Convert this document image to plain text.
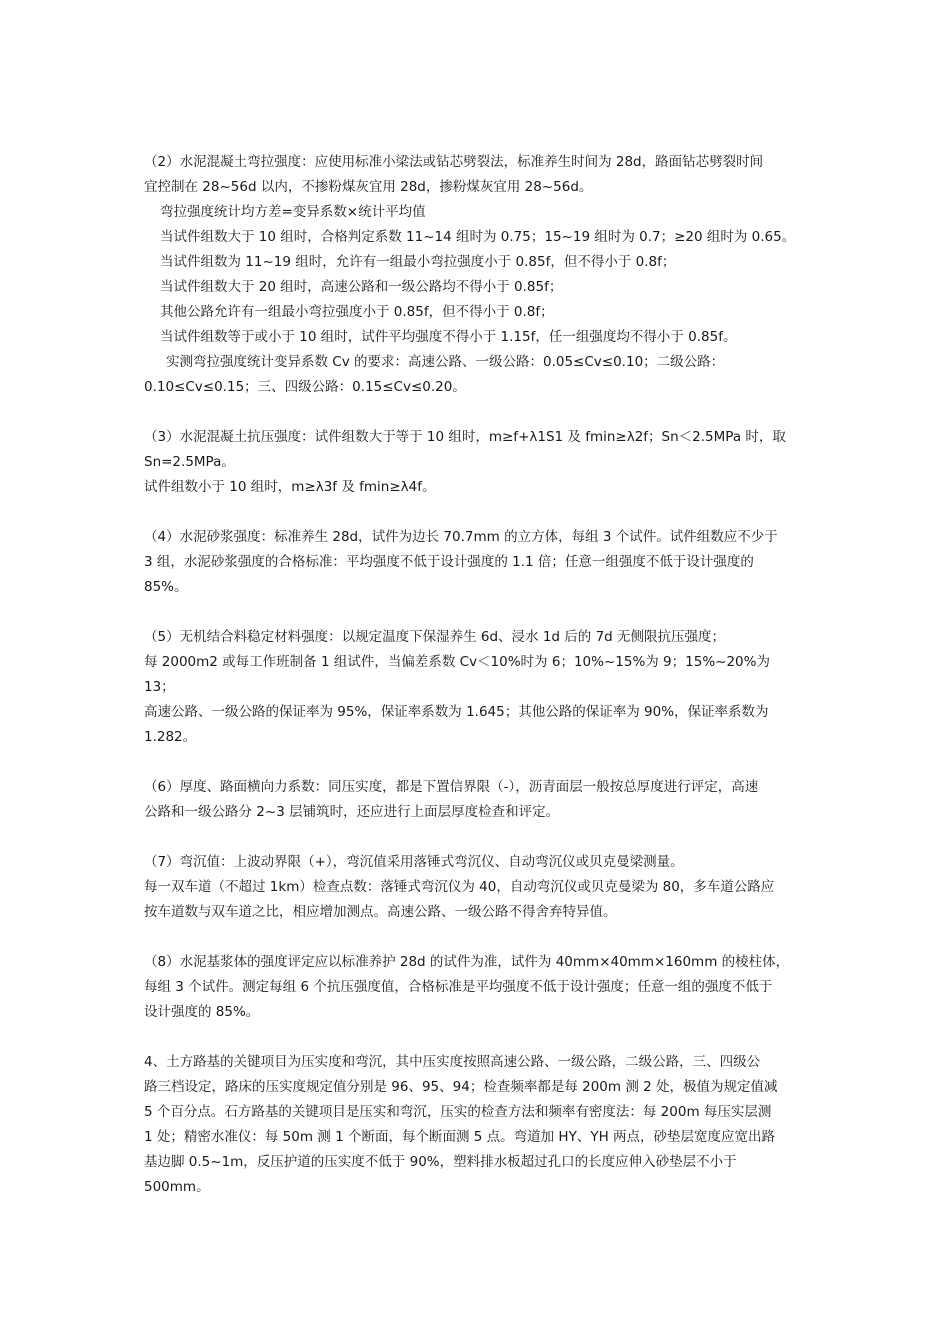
（2）水泥混凝土弯拉强度：应使用标准小梁法或钻芯劈裂法，标准养生时间为 28d，路面钻芯劈裂时间
宜控制在 28~56d 以内，不掺粉煤灰宜用 28d，掺粉煤灰宜用 28~56d。
弯拉强度统计均方差=变异系数×统计平均值
当试件组数大于 10 组时，合格判定系数 11~14 组时为 0.75；15~19 组时为 0.7；≥20 组时为 0.65。
当试件组数为 11~19 组时，允许有一组最小弯拉强度小于 0.85f，但不得小于 0.8f；
当试件组数大于 20 组时，高速公路和一级公路均不得小于 0.85f；
其他公路允许有一组最小弯拉强度小于 0.85f，但不得小于 0.8f；
当试件组数等于或小于 10 组时，试件平均强度不得小于 1.15f，任一组强度均不得小于 0.85f。
实测弯拉强度统计变异系数 Cv 的要求：高速公路、一级公路：0.05≤Cv≤0.10；二级公路：
0.10≤Cv≤0.15；三、四级公路：0.15≤Cv≤0.20。
（3）水泥混凝土抗压强度：试件组数大于等于 10 组时，m≥f+λ1S1 及 fmin≥λ2f；Sn＜2.5MPa 时，取
Sn=2.5MPa。
试件组数小于 10 组时，m≥λ3f 及 fmin≥λ4f。
（4）水泥砂浆强度：标准养生 28d，试件为边长 70.7mm 的立方体，每组 3 个试件。试件组数应不少于
3 组，水泥砂浆强度的合格标准：平均强度不低于设计强度的 1.1 倍；任意一组强度不低于设计强度的
85%。
（5）无机结合料稳定材料强度：以规定温度下保湿养生 6d、浸水 1d 后的 7d 无侧限抗压强度；
每 2000m2 或每工作班制备 1 组试件，当偏差系数 Cv＜10%时为 6；10%~15%为 9；15%~20%为
13；
高速公路、一级公路的保证率为 95%，保证率系数为 1.645；其他公路的保证率为 90%，保证率系数为
1.282。
（6）厚度、路面横向力系数：同压实度，都是下置信界限（-），沥青面层一般按总厚度进行评定，高速
公路和一级公路分 2~3 层铺筑时，还应进行上面层厚度检查和评定。
（7）弯沉值：上波动界限（+），弯沉值采用落锤式弯沉仪、自动弯沉仪或贝克曼梁测量。
每一双车道（不超过 1km）检查点数：落锤式弯沉仪为 40，自动弯沉仪或贝克曼梁为 80，多车道公路应
按车道数与双车道之比，相应增加测点。高速公路、一级公路不得舍弃特异值。
（8）水泥基浆体的强度评定应以标准养护 28d 的试件为准，试件为 40mm×40mm×160mm 的棱柱体，
每组 3 个试件。测定每组 6 个抗压强度值，合格标准是平均强度不低于设计强度；任意一组的强度不低于
设计强度的 85%。
4、土方路基的关键项目为压实度和弯沉，其中压实度按照高速公路、一级公路，二级公路，三、四级公
路三档设定，路床的压实度规定值分别是 96、95、94；检查频率都是每 200m 测 2 处，极值为规定值减
5 个百分点。石方路基的关键项目是压实和弯沉，压实的检查方法和频率有密度法：每 200m 每压实层测
1 处；精密水准仪：每 50m 测 1 个断面，每个断面测 5 点。弯道加 HY、YH 两点，砂垫层宽度应宽出路
基边脚 0.5~1m，反压护道的压实度不低于 90%，塑料排水板超过孔口的长度应伸入砂垫层不小于
500mm。
